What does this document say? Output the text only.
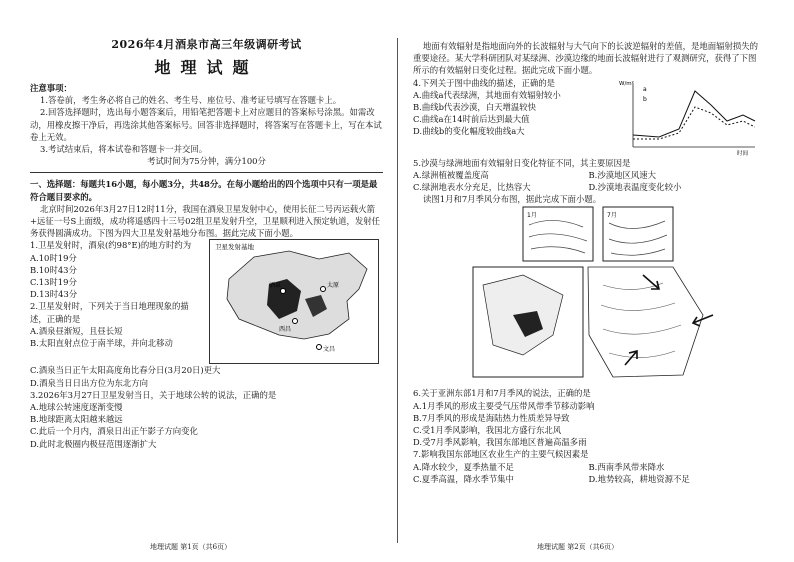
2026年4月酒泉市高三年级调研考试

地理试题

注意事项：

1.答卷前，考生务必将自己的姓名、考生号、座位号、准考证号填写在答题卡上。

2.回答选择题时，选出每小题答案后，用铅笔把答题卡上对应题目的答案标号涂黑。如需改动，用橡皮擦干净后，再选涂其他答案标号。回答非选择题时，将答案写在答题卡上，写在本试卷上无效。

3.考试结束后，将本试卷和答题卡一并交回。

考试时间为75分钟，满分100分

一、选择题：每题共16小题，每小题3分，共48分。在每小题给出的四个选项中只有一项是最符合题目要求的。

北京时间2026年3月27日12时11分，我国在酒泉卫星发射中心，使用长征二号丙运载火箭+远征一号S上面级，成功将遥感四十三号02组卫星发射升空，卫星顺利进入预定轨道，发射任务获得圆满成功。下图为四大卫星发射基地分布图。据此完成下面小题。

1.卫星发射时，酒泉(约98°E)的地方时约为

A.10时19分

B.10时43分

C.13时19分

D.13时43分

2.卫星发射时，下列关于当日地理现象的描述，正确的是

A.酒泉昼渐短，且昼长短

B.太阳直射点位于南半球，并向北移动

卫星发射基地
酒泉	太原
西昌
文昌

C.酒泉当日正午太阳高度角比春分日(3月20日)更大

D.酒泉当日日出方位为东北方向

3.2026年3月27日卫星发射当日，关于地球公转的说法，正确的是

A.地球公转速度逐渐变慢

B.地球距离太阳越来越远

C.此后一个月内，酒泉日出正午影子方向变化

D.此时北极圈内极昼范围逐渐扩大

地理试题 第1页（共6页）

地面有效辐射是指地面向外的长波辐射与大气向下的长波逆辐射的差值，是地面辐射损失的重要途径。某大学科研团队对某绿洲、沙漠边缘的地面长波辐射进行了观测研究，获得了下图所示的有效辐射日变化过程。据此完成下面小题。

4.下列关于图中曲线的描述，正确的是

A.曲线a代表绿洲，其地面有效辐射较小

B.曲线b代表沙漠，白天增温较快

C.曲线a在14时前后达到最大值

D.曲线b的变化幅度较曲线a大

W/m²
时间
a
b

5.沙漠与绿洲地面有效辐射日变化特征不同，其主要原因是

A.绿洲植被覆盖度高	B.沙漠地区风速大

C.绿洲地表水分充足，比热容大	D.沙漠地表温度变化较小

读图1月和7月季风分布图，据此完成下面小题。

1月	7月

6.关于亚洲东部1月和7月季风的说法，正确的是

A.1月季风的形成主要受气压带风带季节移动影响

B.7月季风的形成是海陆热力性质差异导致

C.受1月季风影响，我国北方盛行东北风

D.受7月季风影响，我国东部地区普遍高温多雨

7.影响我国东部地区农业生产的主要气候因素是

A.降水较少，夏季热量不足	B.西南季风带来降水

C.夏季高温，降水季节集中	D.地势较高，耕地资源不足

地理试题 第2页（共6页）
